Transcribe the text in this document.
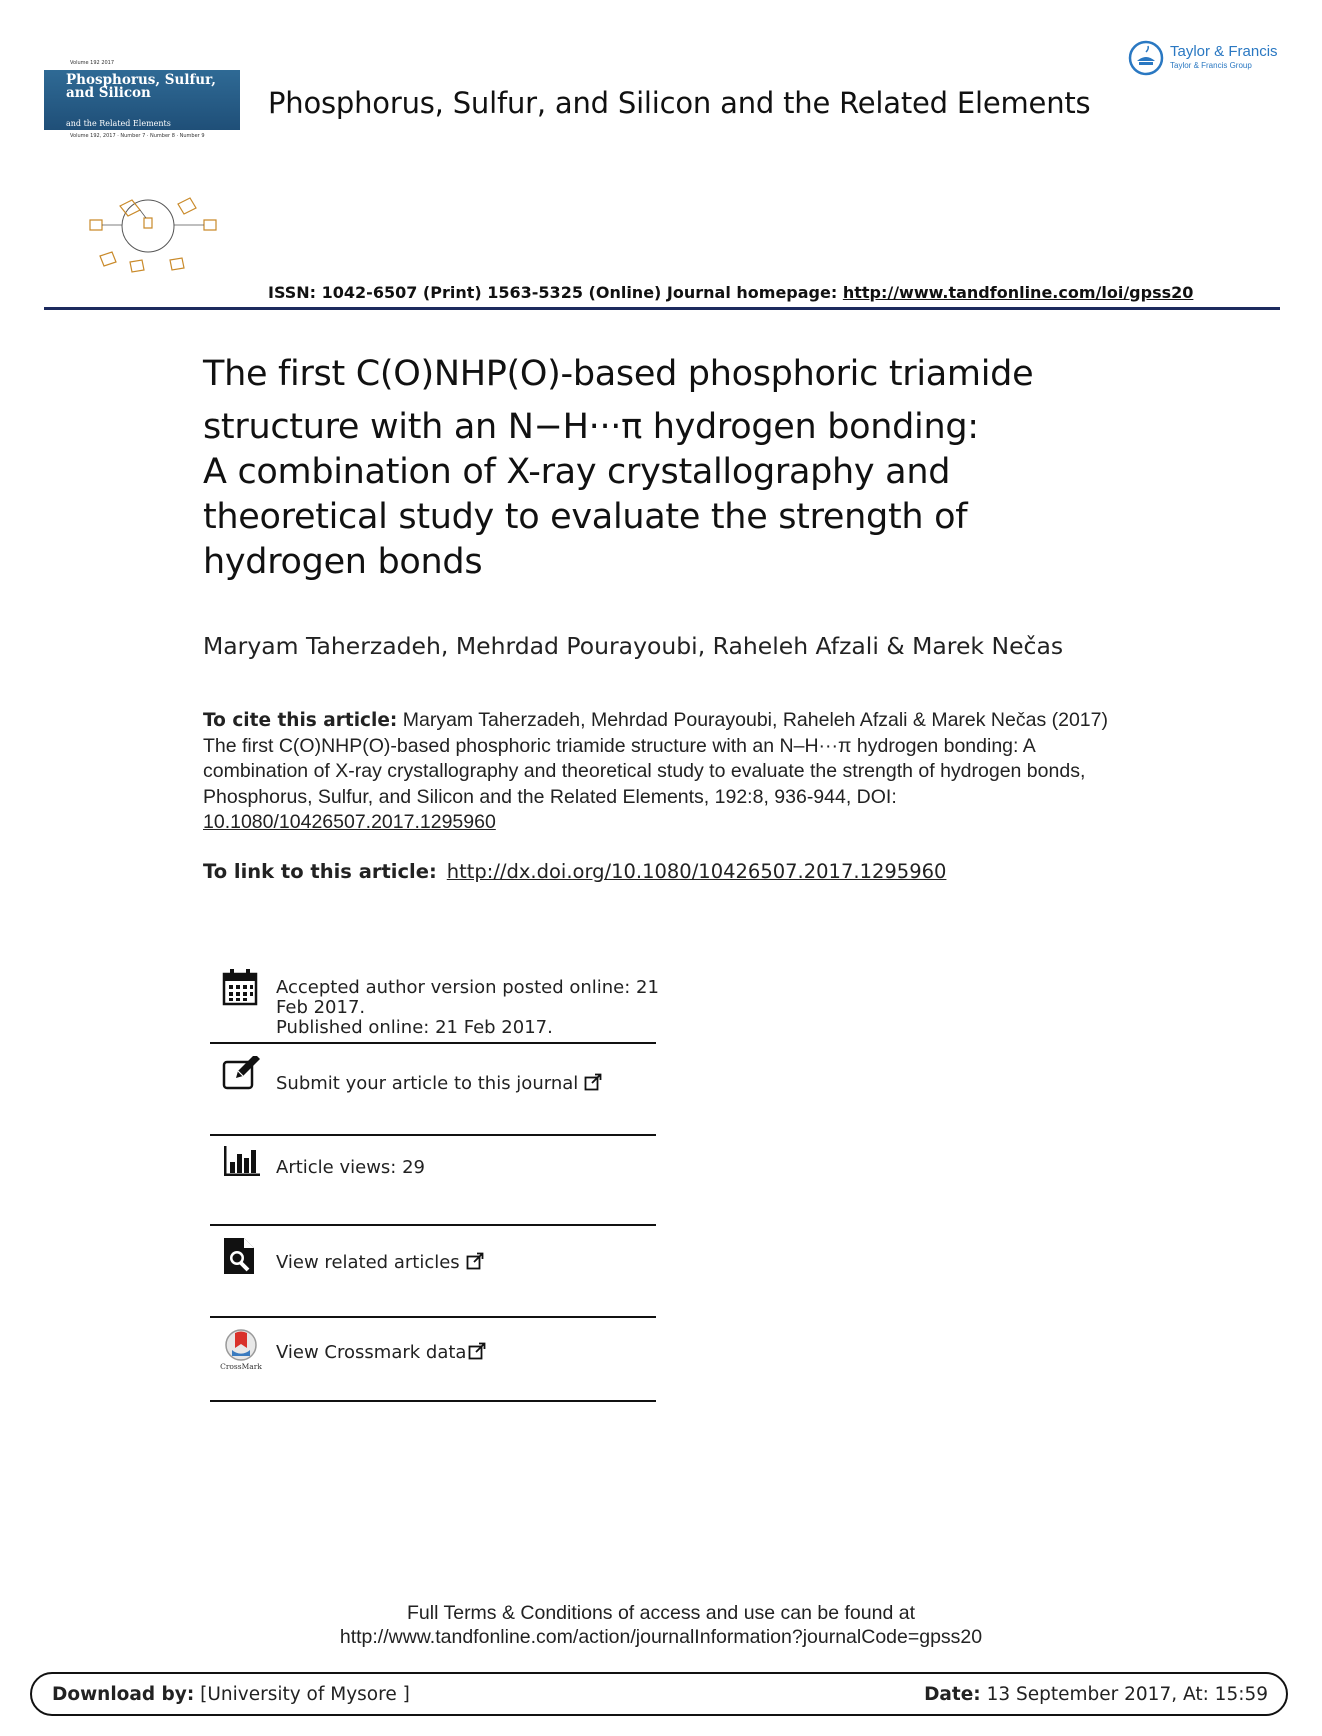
Volume 192 2017
Phosphorus, Sulfur, and Silicon
and the Related Elements
Volume 192, 2017 · Number 7 · Number 8 · Number 9
Taylor & Francis
Taylor & Francis Group
Phosphorus, Sulfur, and Silicon and the Related Elements
ISSN: 1042-6507 (Print) 1563-5325 (Online) Journal homepage: http://www.tandfonline.com/loi/gpss20
The first C(O)NHP(O)-based phosphoric triamide
structure with an N−H···π hydrogen bonding:
A combination of X-ray crystallography and
theoretical study to evaluate the strength of
hydrogen bonds
Maryam Taherzadeh, Mehrdad Pourayoubi, Raheleh Afzali & Marek Nečas
To cite this article: Maryam Taherzadeh, Mehrdad Pourayoubi, Raheleh Afzali & Marek Nečas (2017) The first C(O)NHP(O)-based phosphoric triamide structure with an N–H···π hydrogen bonding: A combination of X-ray crystallography and theoretical study to evaluate the strength of hydrogen bonds, Phosphorus, Sulfur, and Silicon and the Related Elements, 192:8, 936-944, DOI: 10.1080/10426507.2017.1295960
To link to this article: http://dx.doi.org/10.1080/10426507.2017.1295960
Accepted author version posted online: 21
Feb 2017.
Published online: 21 Feb 2017.
Submit your article to this journal
Article views: 29
View related articles
CrossMark
View Crossmark data
Full Terms & Conditions of access and use can be found at
http://www.tandfonline.com/action/journalInformation?journalCode=gpss20
Download by: [University of Mysore ]	Date: 13 September 2017, At: 15:59
